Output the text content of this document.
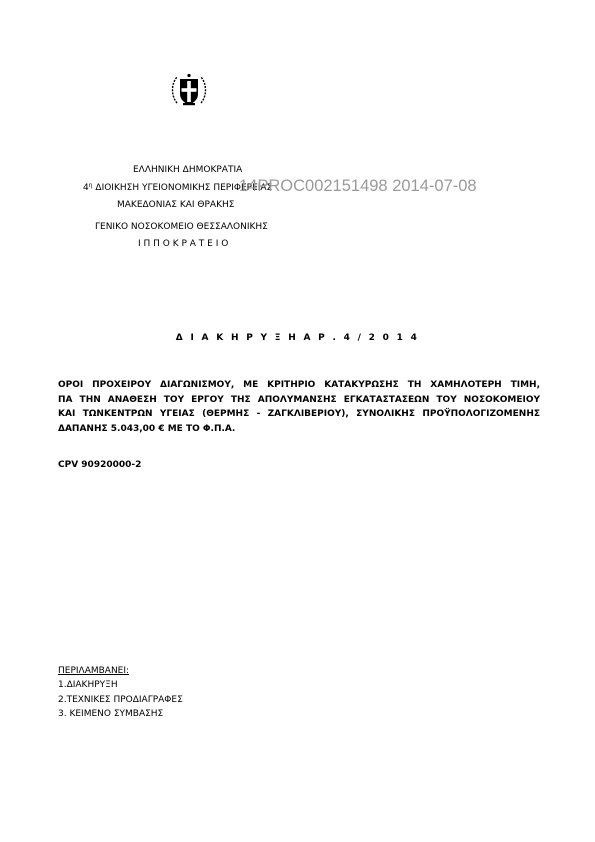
ΕΛΛΗΝΙΚΗ ΔΗΜΟΚΡΑΤΙΑ
$4^\eta$ ΔΙΟΙΚΗΣΗ ΥΓΕΙΟΝΟΜΙΚΗΣ ΠΕΡΙΦΕΡΕΙΑΣ
ΜΑΚΕΔΟΝΙΑΣ ΚΑΙ ΘΡΑΚΗΣ
ΓΕΝΙΚΟ ΝΟΣΟΚΟΜΕΙΟ ΘΕΣΣΑΛΟΝΙΚΗΣ
Ι Π Π Ο Κ Ρ Α Τ Ε Ι Ο
14PROC002151498 2014-07-08
Δ Ι Α Κ Η Ρ Υ Ξ Η Α Ρ . 4 / 2 0 1 4
ΟΡΟΙ ΠΡΟΧΕΙΡΟΥ ΔΙΑΓΩΝΙΣΜΟΥ, ΜΕ ΚΡΙΤΗΡΙΟ ΚΑΤΑΚΥΡΩΣΗΣ ΤΗ ΧΑΜΗΛΟΤΕΡΗ ΤΙΜΗ,
ΠΑ ΤΗΝ ΑΝΑΘΕΣΗ ΤΟΥ ΕΡΓΟΥ ΤΗΣ ΑΠΟΛΥΜΑΝΣΗΣ ΕΓΚΑΤΑΣΤΑΣΕΩΝ ΤΟΥ ΝΟΣΟΚΟΜΕΙΟΥ
ΚΑΙ ΤΩΝΚΕΝΤΡΩΝ ΥΓΕΙΑΣ (ΘΕΡΜΗΣ - ΖΑΓΚΛΙΒΕΡΙΟΥ), ΣΥΝΟΛΙΚΗΣ ΠΡΟΫΠΟΛΟΓΙΖΟΜΕΝΗΣ
ΔΑΠΑΝΗΣ 5.043,00 € ΜΕ ΤΟ Φ.Π.Α.
CPV 90920000-2
ΠΕΡΙΛΑΜΒΑΝΕΙ:
1.ΔΙΑΚΗΡΥΞΗ
2.ΤΕΧΝΙΚΕΣ ΠΡΟΔΙΑΓΡΑΦΕΣ
3. ΚΕΙΜΕΝΟ ΣΥΜΒΑΣΗΣ
